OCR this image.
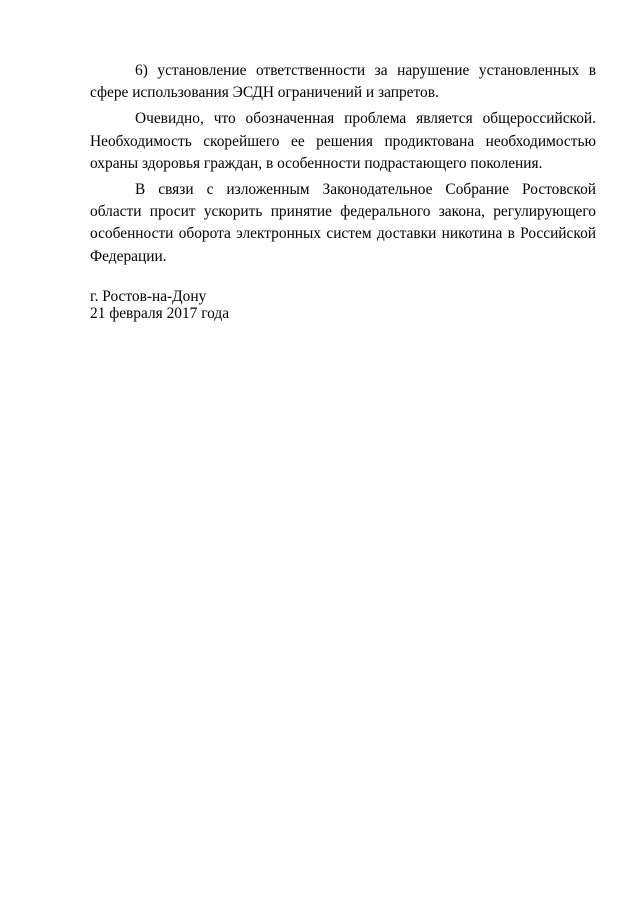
6) установление ответственности за нарушение установленных в сфере использования ЭСДН ограничений и запретов.

Очевидно, что обозначенная проблема является общероссийской. Необходимость скорейшего ее решения продиктована необходимостью охраны здоровья граждан, в особенности подрастающего поколения.

В связи с изложенным Законодательное Собрание Ростовской области просит ускорить принятие федерального закона, регулирующего особенности оборота электронных систем доставки никотина в Российской Федерации.

г. Ростов-на-Дону
21 февраля 2017 года
